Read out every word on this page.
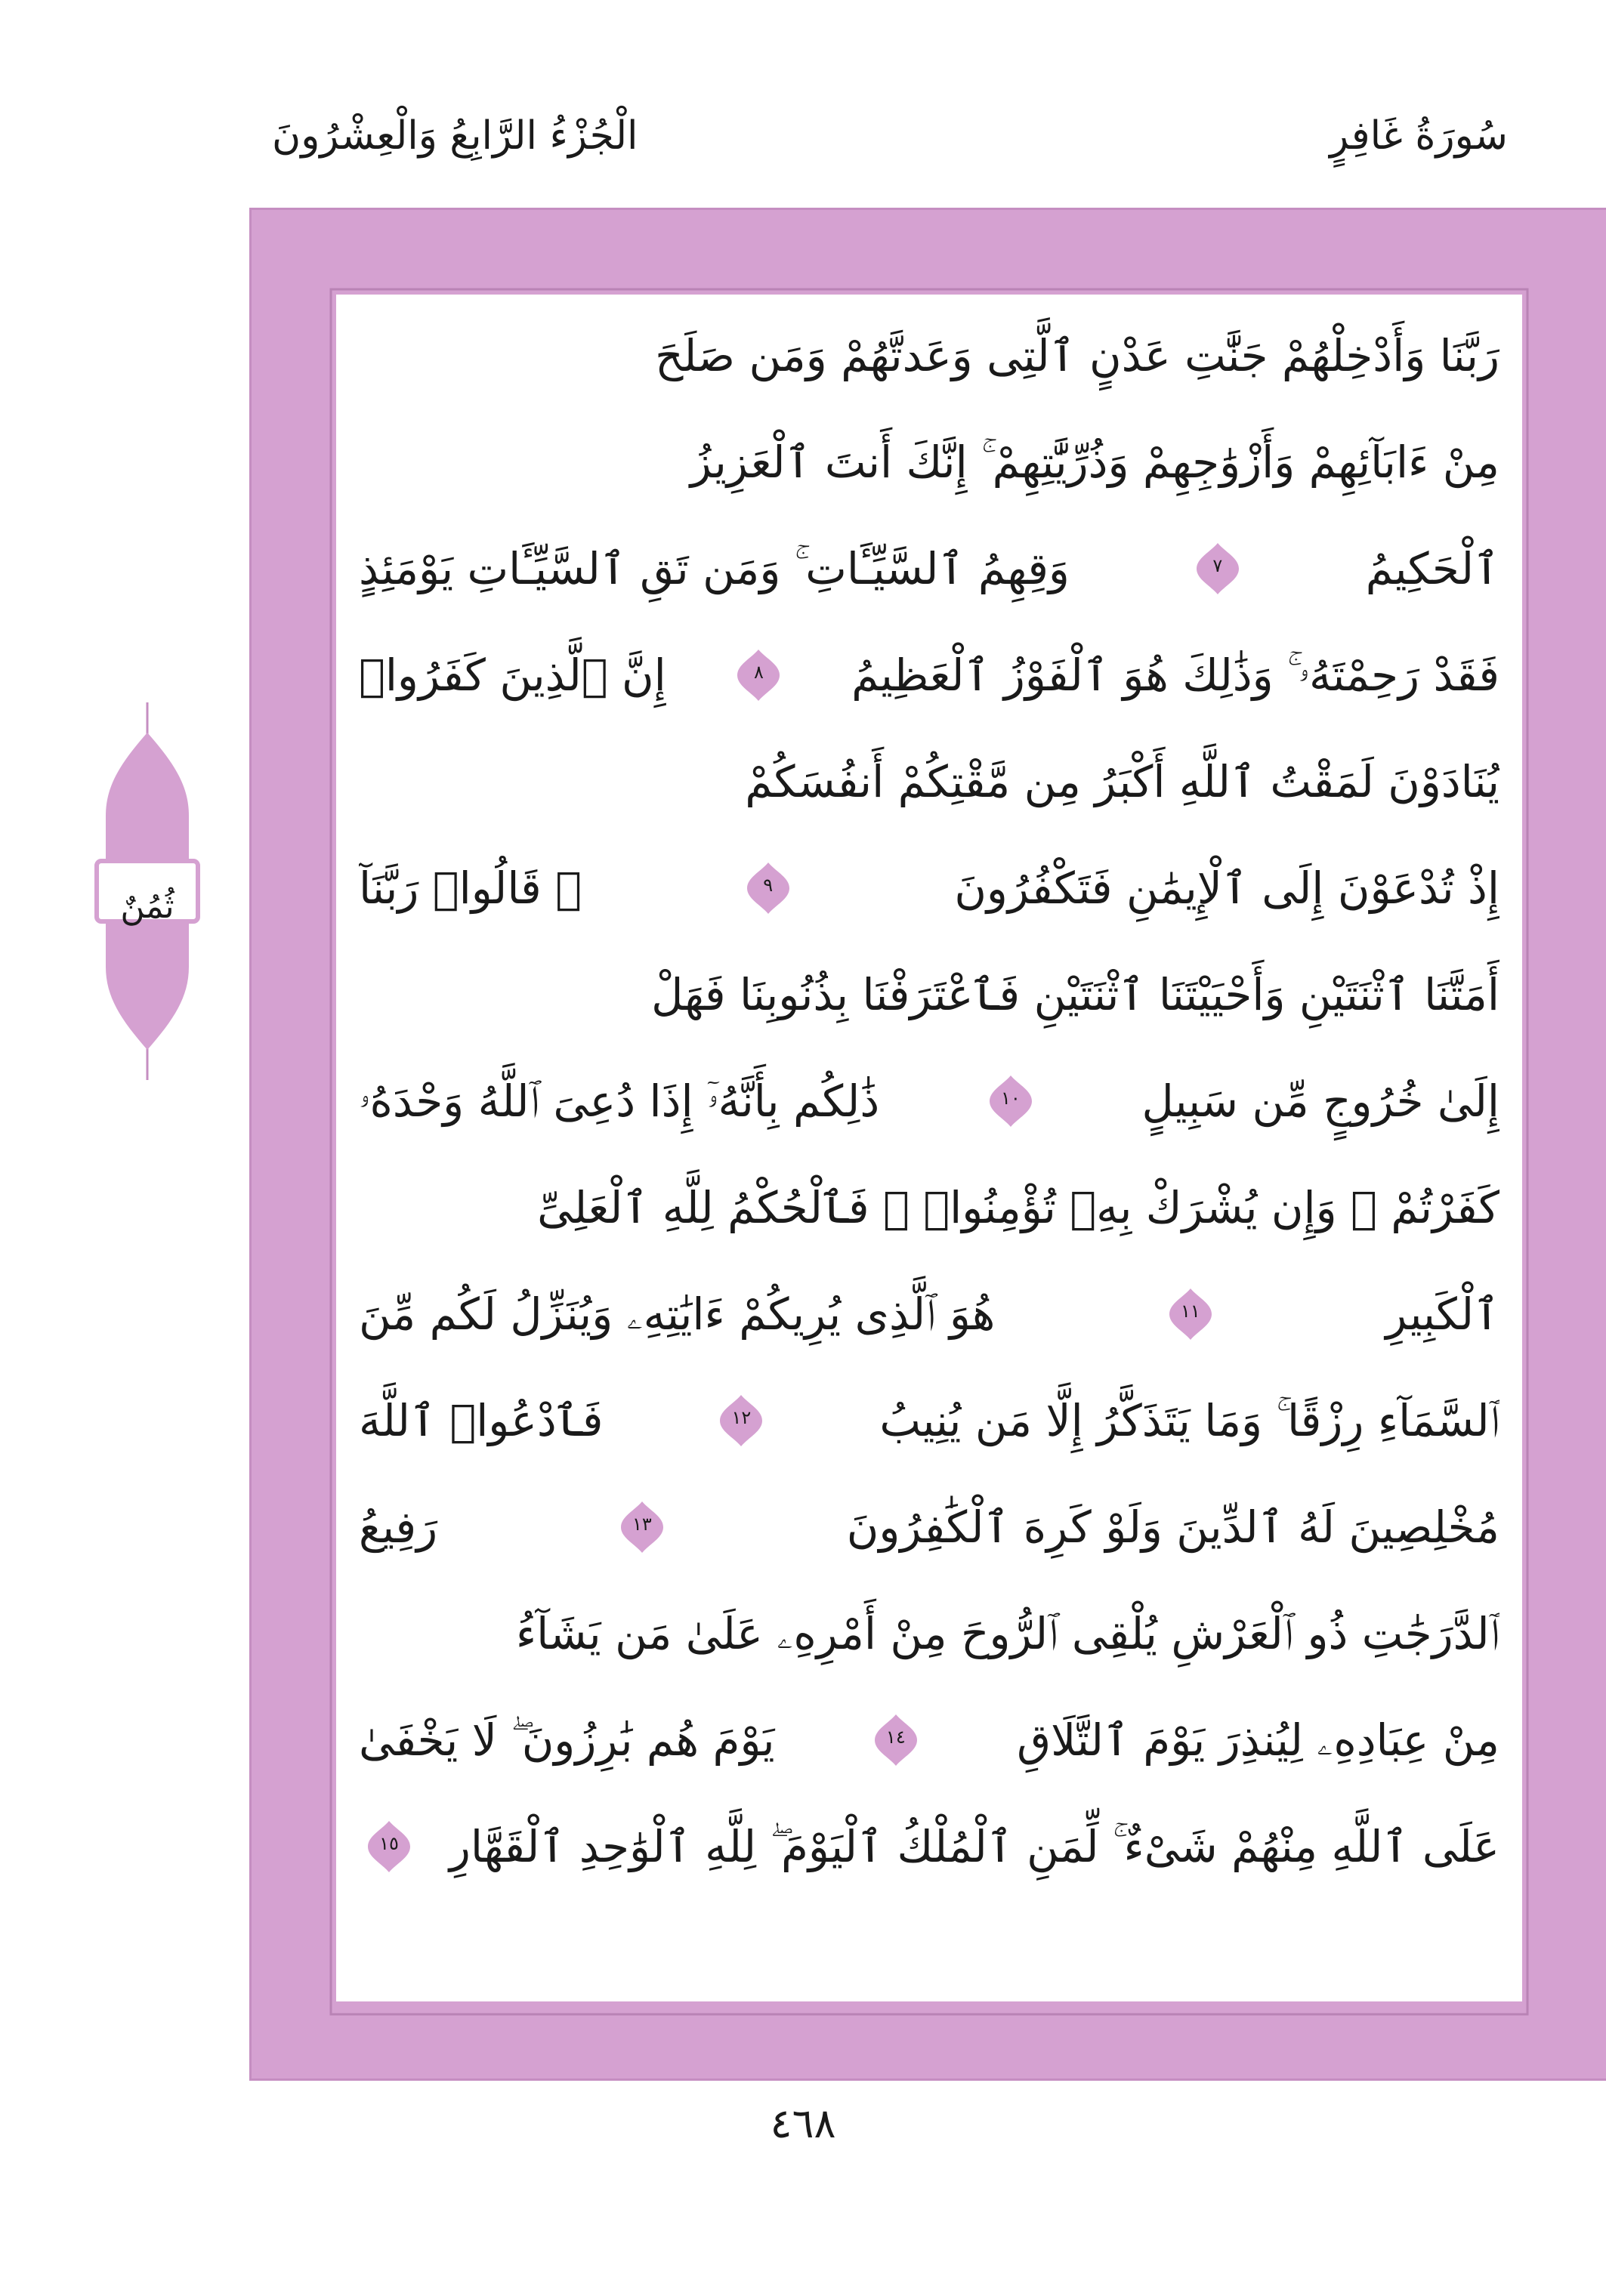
الْجُزْءُ الرَّابِعُ وَالْعِشْرُونَ	سُورَةُ غَافِرٍ
رَبَّنَا وَأَدْخِلْهُمْ جَنَّٰتِ عَدْنٍ ٱلَّتِى وَعَدتَّهُمْ وَمَن صَلَحَ
مِنْ ءَابَآئِهِمْ وَأَزْوَٰجِهِمْ وَذُرِّيَّٰتِهِمْ ۚ إِنَّكَ أَنتَ ٱلْعَزِيزُ
ٱلْحَكِيمُ
٧
وَقِهِمُ ٱلسَّيِّـَٔاتِ ۚ وَمَن تَقِ ٱلسَّيِّـَٔاتِ يَوْمَئِذٍ
فَقَدْ رَحِمْتَهُۥ ۚ وَذَٰلِكَ هُوَ ٱلْفَوْزُ ٱلْعَظِيمُ
٨
إِنَّ ٱلَّذِينَ كَفَرُوا۟
يُنَادَوْنَ لَمَقْتُ ٱللَّهِ أَكْبَرُ مِن مَّقْتِكُمْ أَنفُسَكُمْ
إِذْ تُدْعَوْنَ إِلَى ٱلْإِيمَٰنِ فَتَكْفُرُونَ
٩
۞ قَالُوا۟ رَبَّنَآ
أَمَتَّنَا ٱثْنَتَيْنِ وَأَحْيَيْتَنَا ٱثْنَتَيْنِ فَٱعْتَرَفْنَا بِذُنُوبِنَا فَهَلْ
إِلَىٰ خُرُوجٍ مِّن سَبِيلٍ
١٠
ذَٰلِكُم بِأَنَّهُۥٓ إِذَا دُعِىَ ٱللَّهُ وَحْدَهُۥ
كَفَرْتُمْ ۖ وَإِن يُشْرَكْ بِهِۦ تُؤْمِنُوا۟ ۚ فَٱلْحُكْمُ لِلَّهِ ٱلْعَلِىِّ
ٱلْكَبِيرِ
١١
هُوَ ٱلَّذِى يُرِيكُمْ ءَايَٰتِهِۦ وَيُنَزِّلُ لَكُم مِّنَ
ٱلسَّمَآءِ رِزْقًا ۚ وَمَا يَتَذَكَّرُ إِلَّا مَن يُنِيبُ
١٢
فَٱدْعُوا۟ ٱللَّهَ
مُخْلِصِينَ لَهُ ٱلدِّينَ وَلَوْ كَرِهَ ٱلْكَٰفِرُونَ
١٣
رَفِيعُ
ٱلدَّرَجَٰتِ ذُو ٱلْعَرْشِ يُلْقِى ٱلرُّوحَ مِنْ أَمْرِهِۦ عَلَىٰ مَن يَشَآءُ
مِنْ عِبَادِهِۦ لِيُنذِرَ يَوْمَ ٱلتَّلَاقِ
١٤
يَوْمَ هُم بَٰرِزُونَ ۖ لَا يَخْفَىٰ
عَلَى ٱللَّهِ مِنْهُمْ شَىْءٌ ۚ لِّمَنِ ٱلْمُلْكُ ٱلْيَوْمَ ۖ لِلَّهِ ٱلْوَٰحِدِ ٱلْقَهَّارِ
١٥
ثُمُنٌ
٤٦٨
